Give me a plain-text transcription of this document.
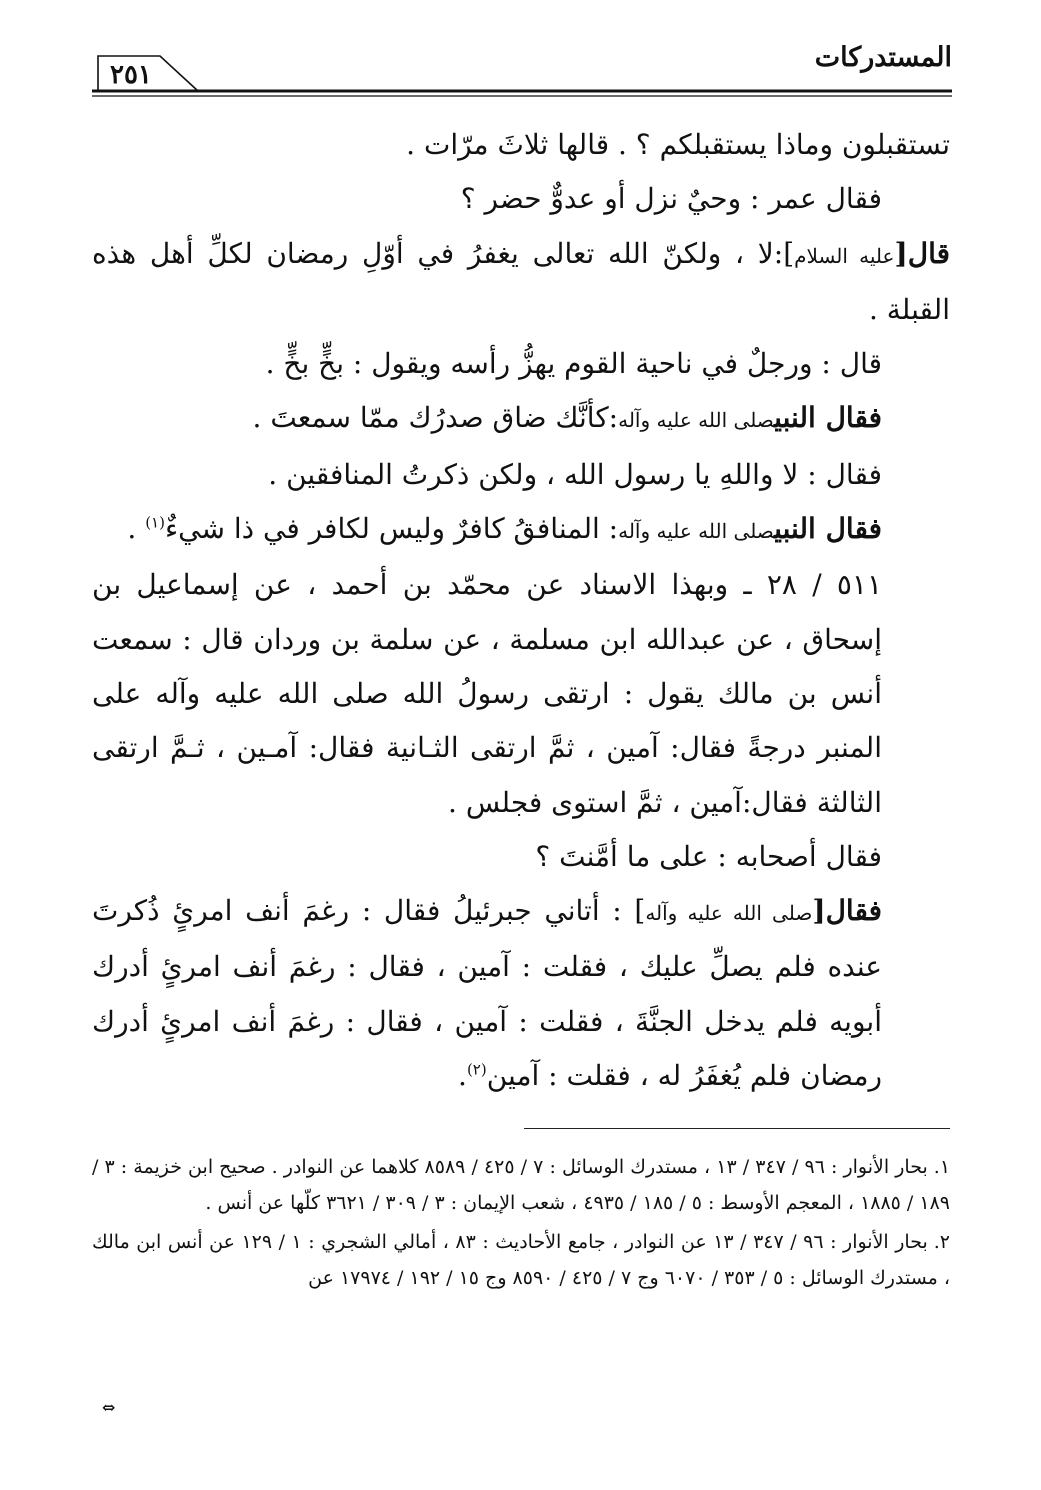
٢٥١
المستدركات

تستقبلون وماذا يستقبلكم ؟ . قالها ثلاثَ مرّات .

فقال عمر : وحيٌ نزل أو عدوٌّ حضر ؟

قال[عليه السلام]:لا ، ولكنّ الله تعالى يغفرُ في أوّلِ رمضان لكلِّ أهل هذه القبلة .

قال : ورجلٌ في ناحية القوم يهزُّ رأسه ويقول : بخٍّ بخٍّ .

فقال النبيصلى الله عليه وآله:كأنَّك ضاق صدرُك ممّا سمعتَ .

فقال : لا واللهِ يا رسول الله ، ولكن ذكرتُ المنافقين .

فقال النبيصلى الله عليه وآله: المنافقُ كافرٌ وليس لكافر في ذا شيءٌ$^{(١)}$ .

٥١١ / ٢٨ ـ وبهذا الاسناد عن محمّد بن أحمد ، عن إسماعيل بن إسحاق ، عن عبدالله ابن مسلمة ، عن سلمة بن وردان قال : سمعت أنس بن مالك يقول : ارتقى رسولُ الله صلى الله عليه وآله على المنبر درجةً فقال: آمين ، ثمَّ ارتقى الثـانية فقال: آمـين ، ثـمَّ ارتقى الثالثة فقال:آمين ، ثمَّ استوى فجلس .

فقال أصحابه : على ما أمَّنتَ ؟

فقال[صلى الله عليه وآله] : أتاني جبرئيلُ فقال : رغمَ أنف امرئٍ ذُكرتَ عنده فلم يصلِّ عليك ، فقلت : آمين ، فقال : رغمَ أنف امرئٍ أدرك أبويه فلم يدخل الجنَّةَ ، فقلت : آمين ، فقال : رغمَ أنف امرئٍ أدرك رمضان فلم يُغفَرُ له ، فقلت : آمين$^{(٢)}$.

١.بحار الأنوار : ٩٦ / ٣٤٧ / ١٣ ، مستدرك الوسائل : ٧ / ٤٢٥ / ٨٥٨٩ كلاهما عن النوادر . صحيح ابن خزيمة : ٣ / ١٨٩ / ١٨٨٥ ، المعجم الأوسط : ٥ / ١٨٥ / ٤٩٣٥ ، شعب الإيمان : ٣ / ٣٠٩ / ٣٦٢١ كلّها عن أنس .

٢.بحار الأنوار : ٩٦ / ٣٤٧ / ١٣ عن النوادر ، جامع الأحاديث : ٨٣ ، أمالي الشجري : ١ / ١٢٩ عن أنس ابن مالك ، مستدرك الوسائل : ٥ / ٣٥٣ / ٦٠٧٠ وج ٧ / ٤٢٥ / ٨٥٩٠ وج ١٥ / ١٩٢ / ١٧٩٧٤ عن

⇔
